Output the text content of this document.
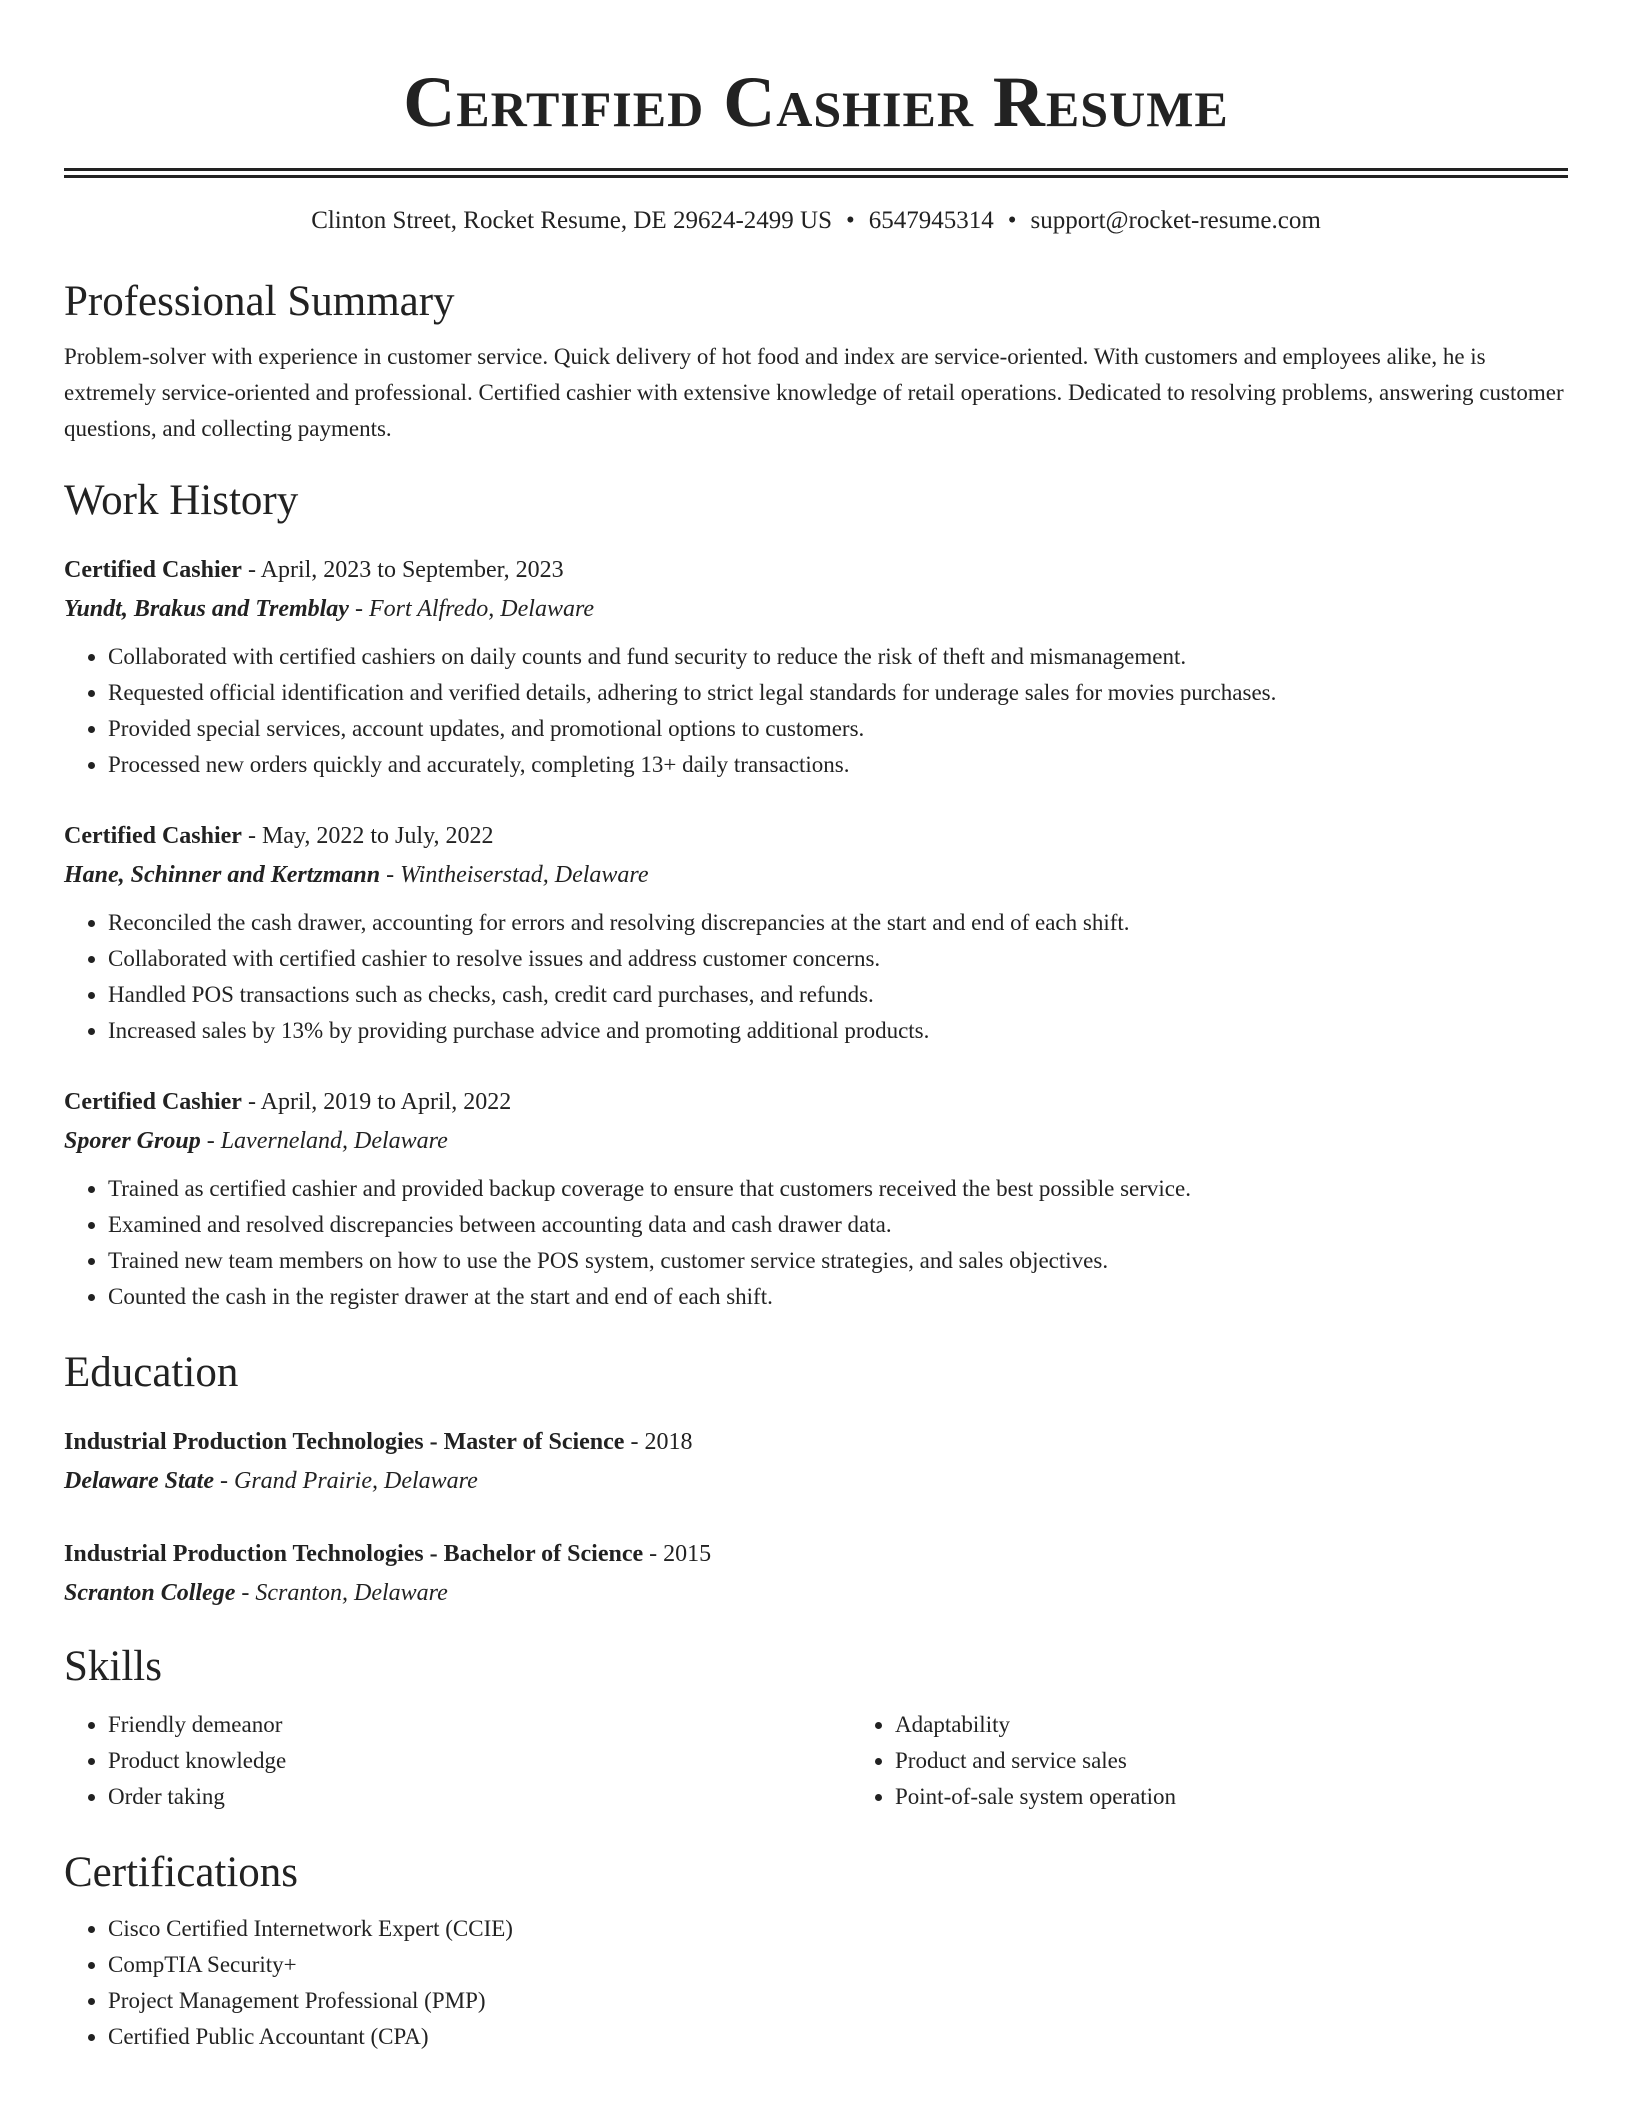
Certified Cashier Resume
Clinton Street, Rocket Resume, DE 29624-2499 US • 6547945314 • support@rocket-resume.com
Professional Summary

Problem-solver with experience in customer service. Quick delivery of hot food and index are service-oriented. With customers and employees alike, he is extremely service-oriented and professional. Certified cashier with extensive knowledge of retail operations. Dedicated to resolving problems, answering customer questions, and collecting payments.

Work History
Certified Cashier - April, 2023 to September, 2023
Yundt, Brakus and Tremblay - Fort Alfredo, Delaware
• Collaborated with certified cashiers on daily counts and fund security to reduce the risk of theft and mismanagement.
• Requested official identification and verified details, adhering to strict legal standards for underage sales for movies purchases.
• Provided special services, account updates, and promotional options to customers.
• Processed new orders quickly and accurately, completing 13+ daily transactions.
Certified Cashier - May, 2022 to July, 2022
Hane, Schinner and Kertzmann - Wintheiserstad, Delaware
• Reconciled the cash drawer, accounting for errors and resolving discrepancies at the start and end of each shift.
• Collaborated with certified cashier to resolve issues and address customer concerns.
• Handled POS transactions such as checks, cash, credit card purchases, and refunds.
• Increased sales by 13% by providing purchase advice and promoting additional products.
Certified Cashier - April, 2019 to April, 2022
Sporer Group - Laverneland, Delaware
• Trained as certified cashier and provided backup coverage to ensure that customers received the best possible service.
• Examined and resolved discrepancies between accounting data and cash drawer data.
• Trained new team members on how to use the POS system, customer service strategies, and sales objectives.
• Counted the cash in the register drawer at the start and end of each shift.
Education
Industrial Production Technologies - Master of Science - 2018
Delaware State - Grand Prairie, Delaware
Industrial Production Technologies - Bachelor of Science - 2015
Scranton College - Scranton, Delaware
Skills
• Friendly demeanor
• Product knowledge
• Order taking
• Adaptability
• Product and service sales
• Point-of-sale system operation
Certifications
• Cisco Certified Internetwork Expert (CCIE)
• CompTIA Security+
• Project Management Professional (PMP)
• Certified Public Accountant (CPA)
